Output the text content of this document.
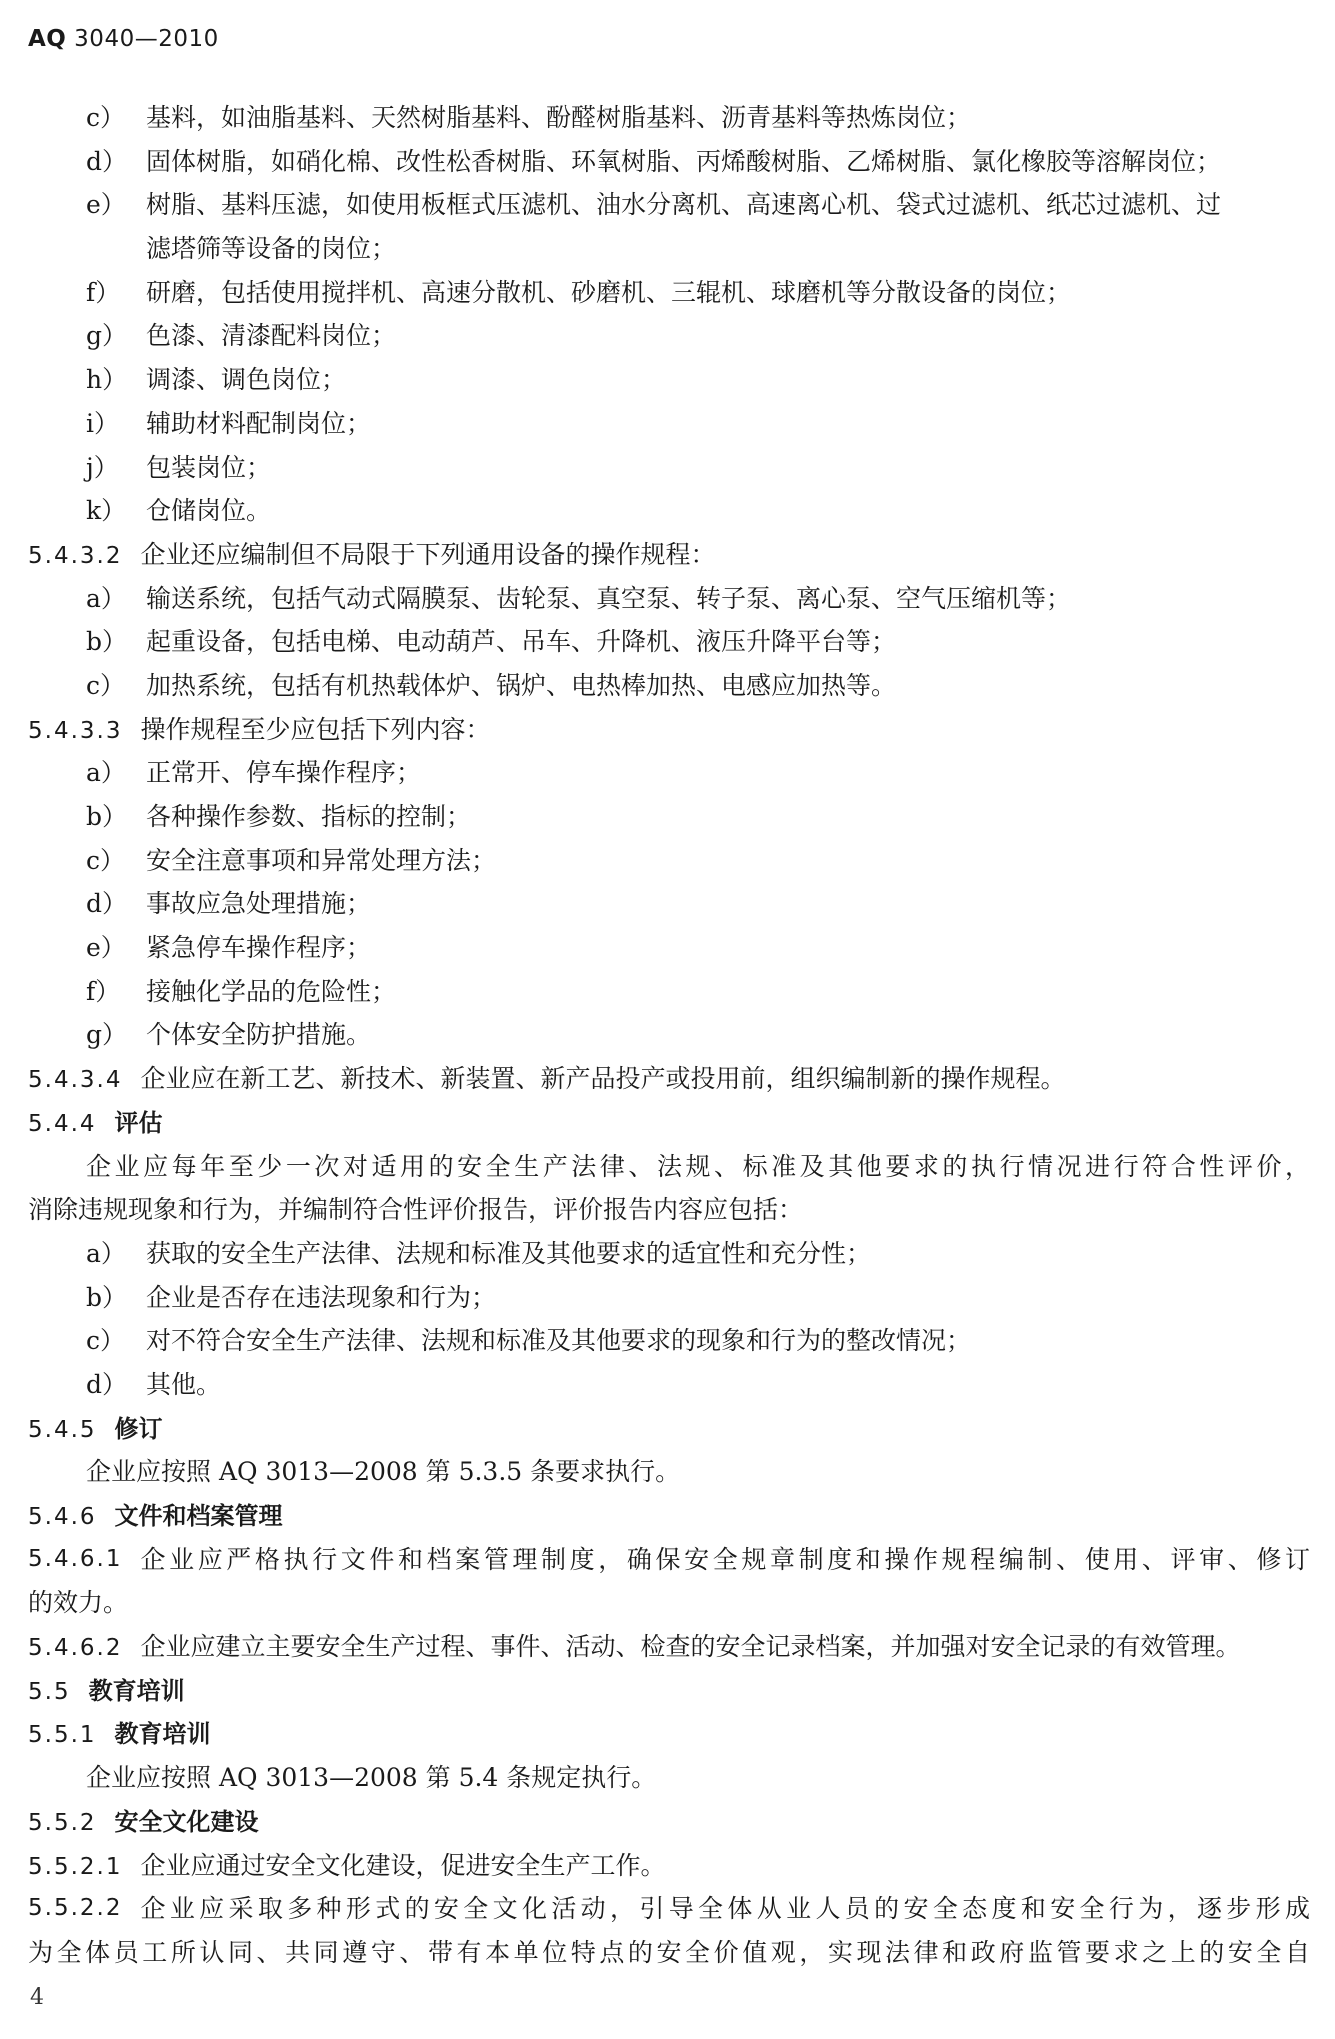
AQ 3040—2010
c） 基料，如油脂基料、天然树脂基料、酚醛树脂基料、沥青基料等热炼岗位；
d） 固体树脂，如硝化棉、改性松香树脂、环氧树脂、丙烯酸树脂、乙烯树脂、氯化橡胶等溶解岗位；
e） 树脂、基料压滤，如使用板框式压滤机、油水分离机、高速离心机、袋式过滤机、纸芯过滤机、过
滤塔筛等设备的岗位；
f）	研磨，包括使用搅拌机、高速分散机、砂磨机、三辊机、球磨机等分散设备的岗位；
g） 色漆、清漆配料岗位；
h） 调漆、调色岗位；
i）	辅助材料配制岗位；
j）	包装岗位；
k） 仓储岗位。
5.4.3.2 企业还应编制但不局限于下列通用设备的操作规程：
a） 输送系统，包括气动式隔膜泵、齿轮泵、真空泵、转子泵、离心泵、空气压缩机等；
b） 起重设备，包括电梯、电动葫芦、吊车、升降机、液压升降平台等；
c） 加热系统，包括有机热载体炉、锅炉、电热棒加热、电感应加热等。
5.4.3.3 操作规程至少应包括下列内容：
a） 正常开、停车操作程序；
b） 各种操作参数、指标的控制；
c） 安全注意事项和异常处理方法；
d） 事故应急处理措施；
e） 紧急停车操作程序；
f）	接触化学品的危险性；
g） 个体安全防护措施。
5.4.3.4 企业应在新工艺、新技术、新装置、新产品投产或投用前，组织编制新的操作规程。
5.4.4 评估
企业应每年至少一次对适用的安全生产法律、法规、标准及其他要求的执行情况进行符合性评价，
消除违规现象和行为，并编制符合性评价报告，评价报告内容应包括：
a） 获取的安全生产法律、法规和标准及其他要求的适宜性和充分性；
b） 企业是否存在违法现象和行为；
c） 对不符合安全生产法律、法规和标准及其他要求的现象和行为的整改情况；
d） 其他。
5.4.5 修订
企业应按照 AQ 3013—2008 第 5.3.5 条要求执行。
5.4.6 文件和档案管理
5.4.6.1 企业应严格执行文件和档案管理制度，确保安全规章制度和操作规程编制、使用、评审、修订
的效力。
5.4.6.2 企业应建立主要安全生产过程、事件、活动、检查的安全记录档案，并加强对安全记录的有效管理。
5.5 教育培训
5.5.1 教育培训
企业应按照 AQ 3013—2008 第 5.4 条规定执行。
5.5.2 安全文化建设
5.5.2.1 企业应通过安全文化建设，促进安全生产工作。
5.5.2.2 企业应采取多种形式的安全文化活动，引导全体从业人员的安全态度和安全行为，逐步形成
为全体员工所认同、共同遵守、带有本单位特点的安全价值观，实现法律和政府监管要求之上的安全自
4
